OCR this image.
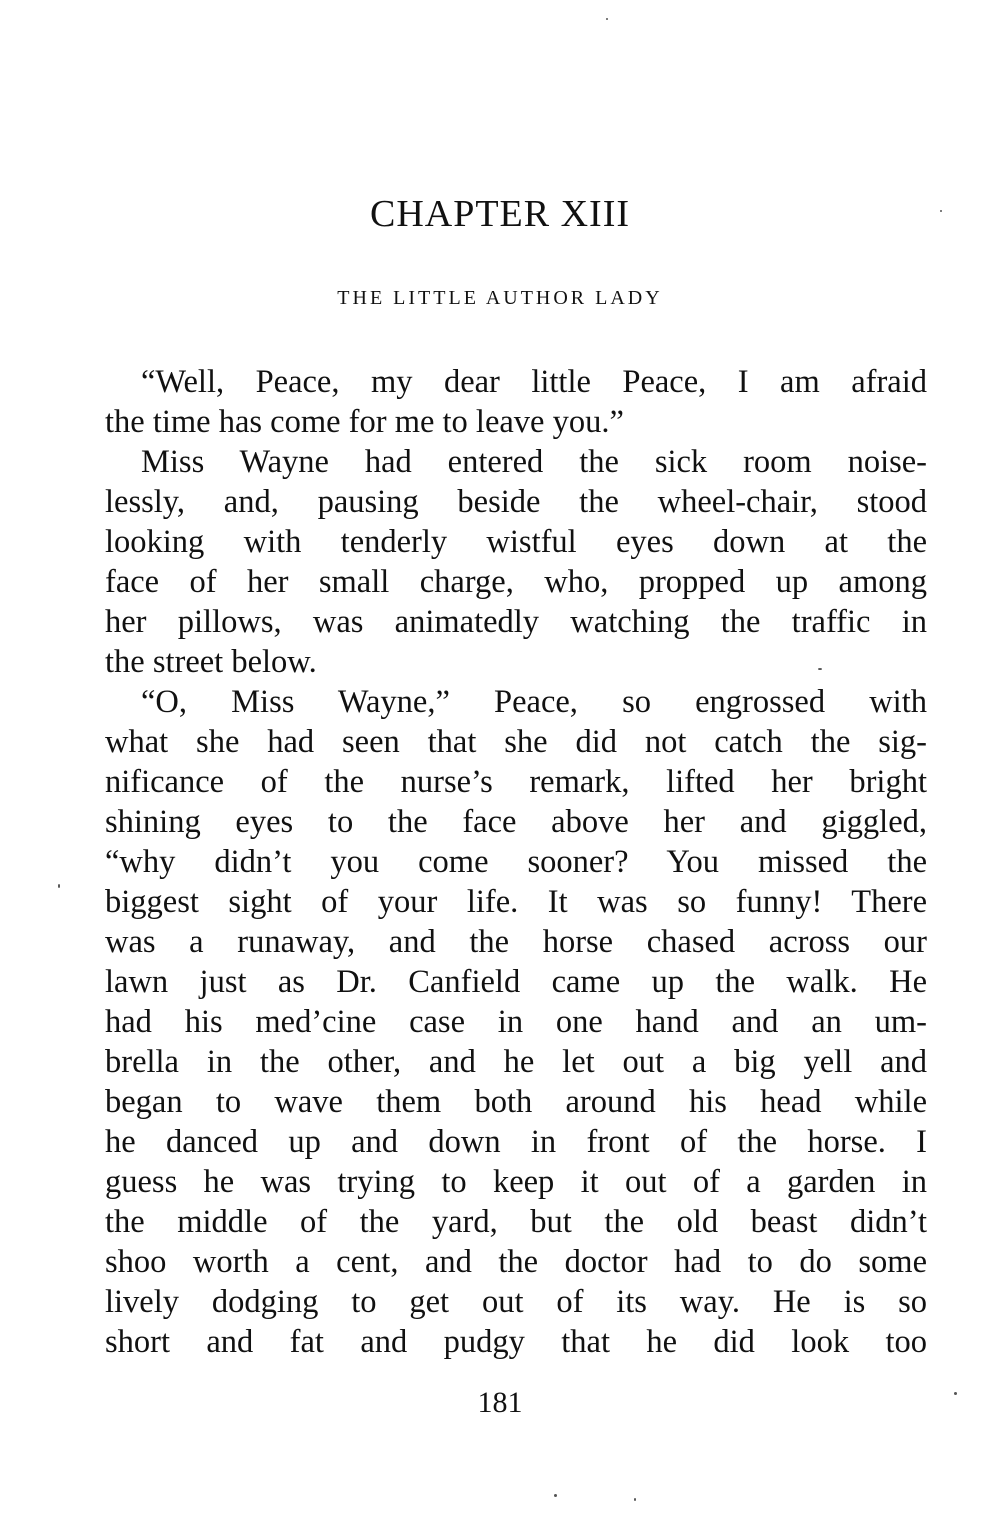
CHAPTER XIII
THE LITTLE AUTHOR LADY
“Well, Peace, my dear little Peace, I am afraid
the time has come for me to leave you.”
Miss Wayne had entered the sick room noise-
lessly, and, pausing beside the wheel-chair, stood
looking with tenderly wistful eyes down at the
face of her small charge, who, propped up among
her pillows, was animatedly watching the traffic in
the street below.
“O, Miss Wayne,” Peace, so engrossed with
what she had seen that she did not catch the sig-
nificance of the nurse’s remark, lifted her bright
shining eyes to the face above her and giggled,
“why didn’t you come sooner? You missed the
biggest sight of your life. It was so funny! There
was a runaway, and the horse chased across our
lawn just as Dr. Canfield came up the walk. He
had his med’cine case in one hand and an um-
brella in the other, and he let out a big yell and
began to wave them both around his head while
he danced up and down in front of the horse. I
guess he was trying to keep it out of a garden in
the middle of the yard, but the old beast didn’t
shoo worth a cent, and the doctor had to do some
lively dodging to get out of its way. He is so
short and fat and pudgy that he did look too
181
